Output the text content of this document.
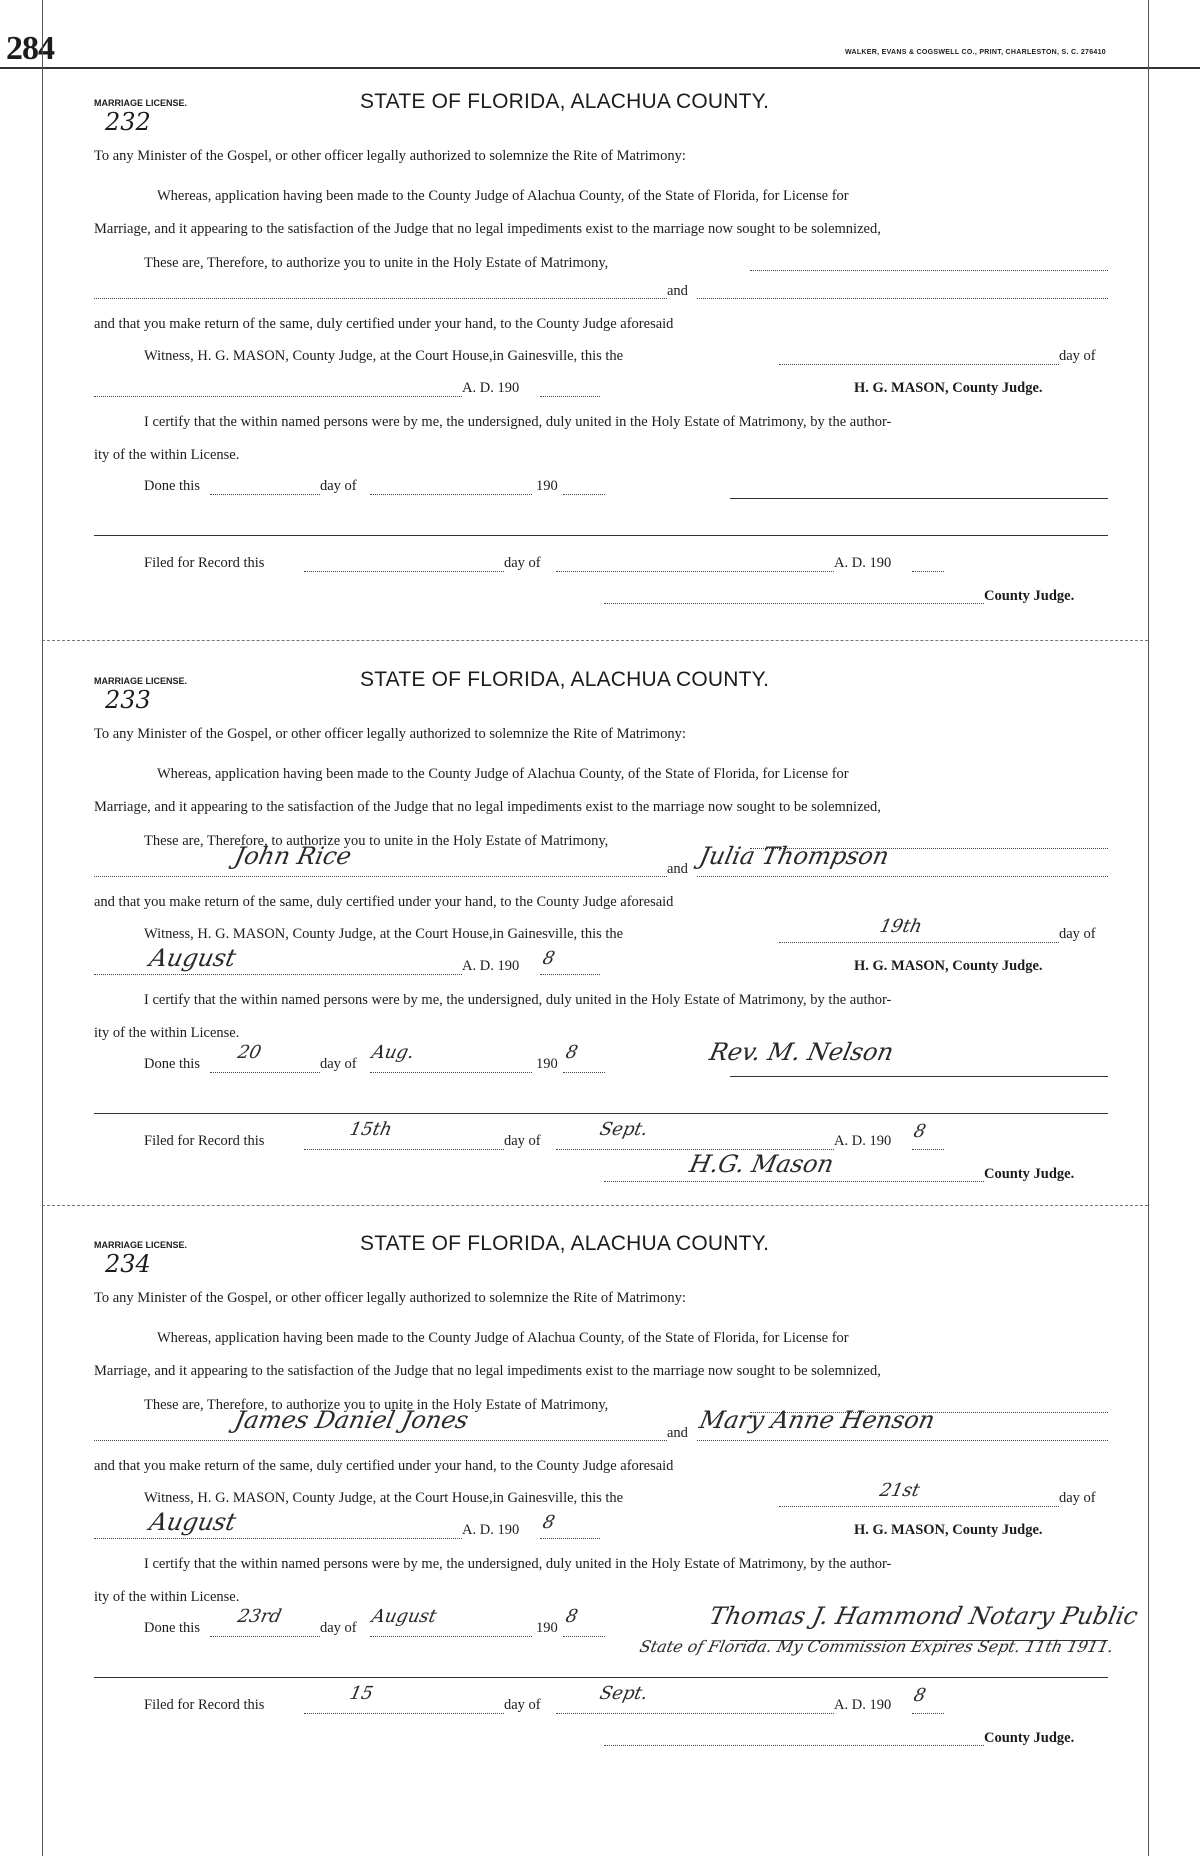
284	WALKER, EVANS & COGSWELL CO., PRINT, CHARLESTON, S. C. 276410
MARRIAGE LICENSE.	STATE OF FLORIDA, ALACHUA COUNTY.
232
To any Minister of the Gospel, or other officer legally authorized to solemnize the Rite of Matrimony:
Whereas, application having been made to the County Judge of Alachua County, of the State of Florida, for License for
Marriage, and it appearing to the satisfaction of the Judge that no legal impediments exist to the marriage now sought to be solemnized,
These are, Therefore, to authorize you to unite in the Holy Estate of Matrimony,
and
and that you make return of the same, duly certified under your hand, to the County Judge aforesaid
Witness, H. G. MASON, County Judge, at the Court House,in Gainesville, this the	day of
A. D. 190	H. G. MASON, County Judge.
I certify that the within named persons were by me, the undersigned, duly united in the Holy Estate of Matrimony, by the author-
ity of the within License.
Done this	day of	190
Filed for Record this	day of	A. D. 190
County Judge.
MARRIAGE LICENSE.	STATE OF FLORIDA, ALACHUA COUNTY.
233
To any Minister of the Gospel, or other officer legally authorized to solemnize the Rite of Matrimony:
Whereas, application having been made to the County Judge of Alachua County, of the State of Florida, for License for
Marriage, and it appearing to the satisfaction of the Judge that no legal impediments exist to the marriage now sought to be solemnized,
These are, Therefore, to authorize you to unite in the Holy Estate of Matrimony,
and
John Rice	Julia Thompson
and that you make return of the same, duly certified under your hand, to the County Judge aforesaid
Witness, H. G. MASON, County Judge, at the Court House,in Gainesville, this the	19th	day of
August	A. D. 190 8	H. G. MASON, County Judge.
I certify that the within named persons were by me, the undersigned, duly united in the Holy Estate of Matrimony, by the author-
ity of the within License.
Done this
20
day of
Aug.
190
8	Rev. M. Nelson
Filed for Record this
15th
day of
Sept.
A. D. 190 8
H.G. Mason	County Judge.
MARRIAGE LICENSE.	STATE OF FLORIDA, ALACHUA COUNTY.
234
To any Minister of the Gospel, or other officer legally authorized to solemnize the Rite of Matrimony:
Whereas, application having been made to the County Judge of Alachua County, of the State of Florida, for License for
Marriage, and it appearing to the satisfaction of the Judge that no legal impediments exist to the marriage now sought to be solemnized,
These are, Therefore, to authorize you to unite in the Holy Estate of Matrimony,
and
James Daniel Jones	Mary Anne Henson
and that you make return of the same, duly certified under your hand, to the County Judge aforesaid
Witness, H. G. MASON, County Judge, at the Court House,in Gainesville, this the	21st	day of
August	A. D. 190 8	H. G. MASON, County Judge.
I certify that the within named persons were by me, the undersigned, duly united in the Holy Estate of Matrimony, by the author-
ity of the within License.
Done this
23rd
day of
August
190
8	Thomas J. Hammond Notary Public
State of Florida. My Commission Expires Sept. 11th 1911.
Filed for Record this
15
day of
Sept.
A. D. 190 8
County Judge.
